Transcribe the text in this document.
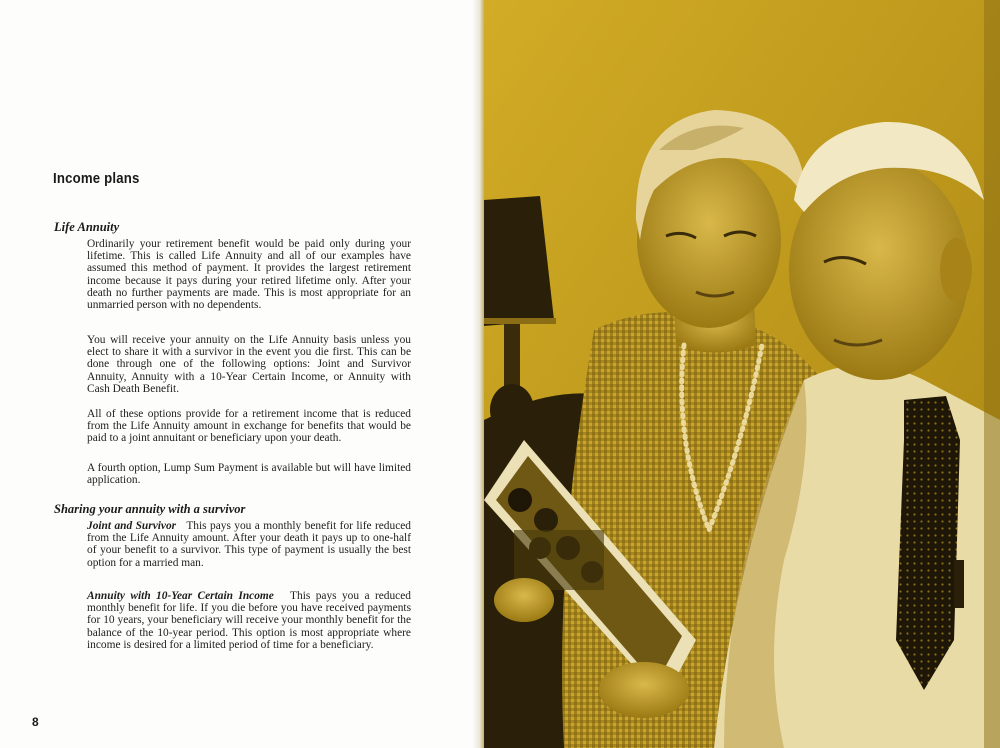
Income plans
Life Annuity

Ordinarily your retirement benefit would be paid only during your lifetime. This is called Life Annuity and all of our examples have assumed this method of payment. It provides the largest retirement income because it pays during your retired lifetime only. After your death no further payments are made. This is most appropriate for an unmarried person with no dependents.

You will receive your annuity on the Life Annuity basis unless you elect to share it with a survivor in the event you die first. This can be done through one of the following options: Joint and Survivor Annuity, Annuity with a 10-Year Certain Income, or Annuity with Cash Death Benefit.

All of these options provide for a retirement income that is reduced from the Life Annuity amount in exchange for benefits that would be paid to a joint annuitant or beneficiary upon your death.

A fourth option, Lump Sum Payment is available but will have limited application.

Sharing your annuity with a survivor

Joint and Survivor This pays you a monthly benefit for life reduced from the Life Annuity amount. After your death it pays up to one-half of your benefit to a survivor. This type of payment is usually the best option for a married man.

Annuity with 10-Year Certain Income This pays you a reduced monthly benefit for life. If you die before you have received payments for 10 years, your beneficiary will receive your monthly benefit for the balance of the 10-year period. This option is most appropriate where income is desired for a limited period of time for a beneficiary.

8
